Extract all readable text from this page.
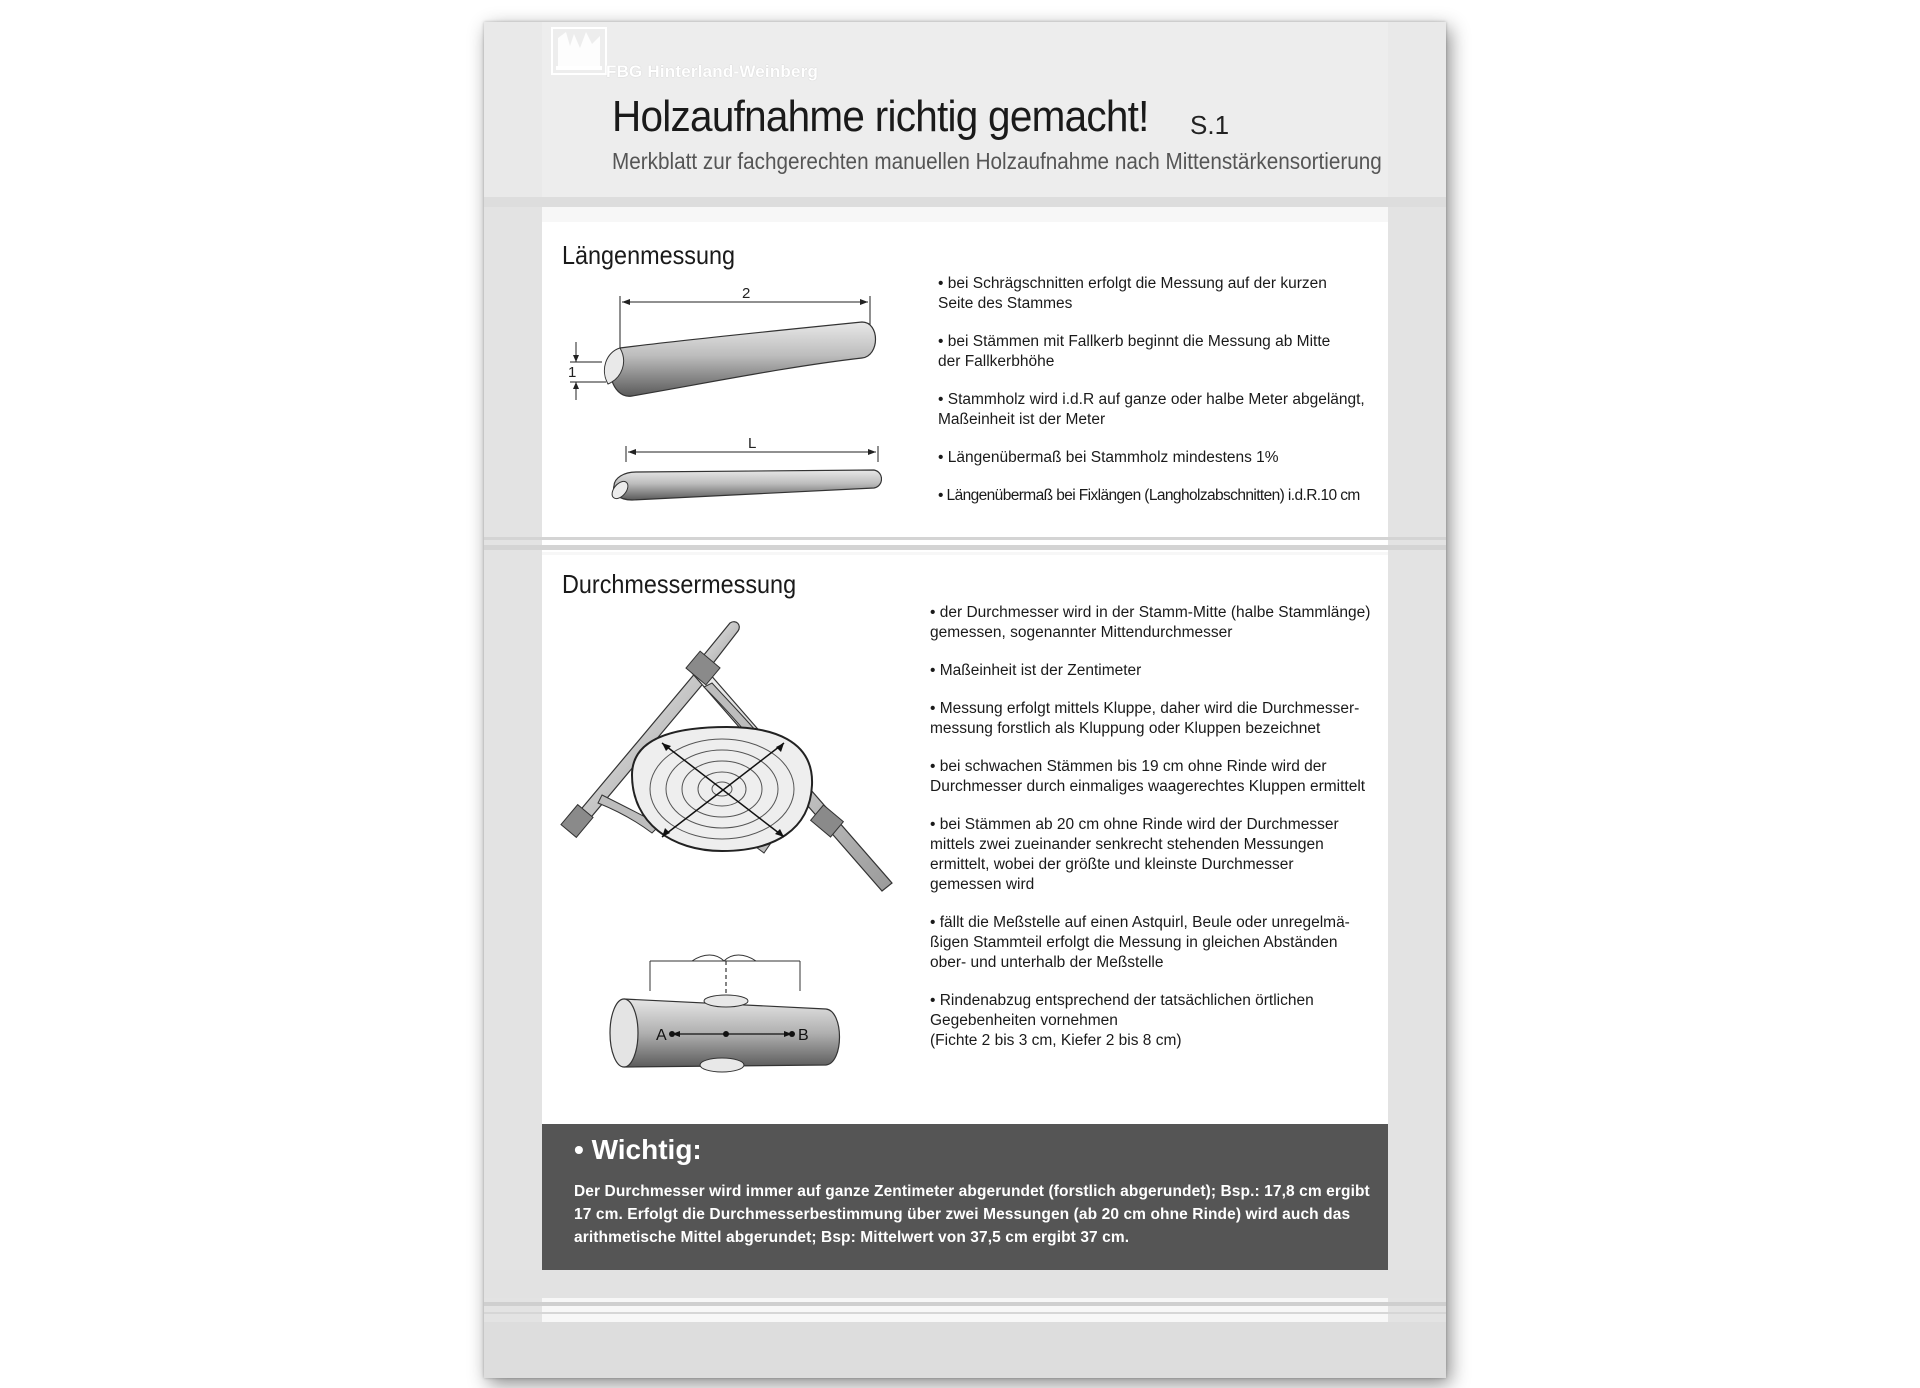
FBG Hinterland-Weinberg
Holzaufnahme richtig gemacht! S.1
Merkblatt zur fachgerechten manuellen Holzaufnahme nach Mittenstärkensortierung
Längenmessung
2
1
L
• bei Schrägschnitten erfolgt die Messung auf der kurzen
Seite des Stammes
• bei Stämmen mit Fallkerb beginnt die Messung ab Mitte
der Fallkerbhöhe
• Stammholz wird i.d.R auf ganze oder halbe Meter abgelängt,
Maßeinheit ist der Meter
• Längenübermaß bei Stammholz mindestens 1%
• Längenübermaß bei Fixlängen (Langholzabschnitten) i.d.R.10 cm
Durchmessermessung
A	B
• der Durchmesser wird in der Stamm-Mitte (halbe Stammlänge)
gemessen, sogenannter Mittendurchmesser
• Maßeinheit ist der Zentimeter
• Messung erfolgt mittels Kluppe, daher wird die Durchmesser-
messung forstlich als Kluppung oder Kluppen bezeichnet
• bei schwachen Stämmen bis 19 cm ohne Rinde wird der
Durchmesser durch einmaliges waagerechtes Kluppen ermittelt
• bei Stämmen ab 20 cm ohne Rinde wird der Durchmesser
mittels zwei zueinander senkrecht stehenden Messungen
ermittelt, wobei der größte und kleinste Durchmesser
gemessen wird
• fällt die Meßstelle auf einen Astquirl, Beule oder unregelmä-
ßigen Stammteil erfolgt die Messung in gleichen Abständen
ober- und unterhalb der Meßstelle
• Rindenabzug entsprechend der tatsächlichen örtlichen
Gegebenheiten vornehmen
(Fichte 2 bis 3 cm, Kiefer 2 bis 8 cm)
• Wichtig:
Der Durchmesser wird immer auf ganze Zentimeter abgerundet (forstlich abgerundet); Bsp.: 17,8 cm ergibt 17 cm. Erfolgt die Durchmesserbestimmung über zwei Messungen (ab 20 cm ohne Rinde) wird auch das arithmetische Mittel abgerundet; Bsp: Mittelwert von 37,5 cm ergibt 37 cm.
